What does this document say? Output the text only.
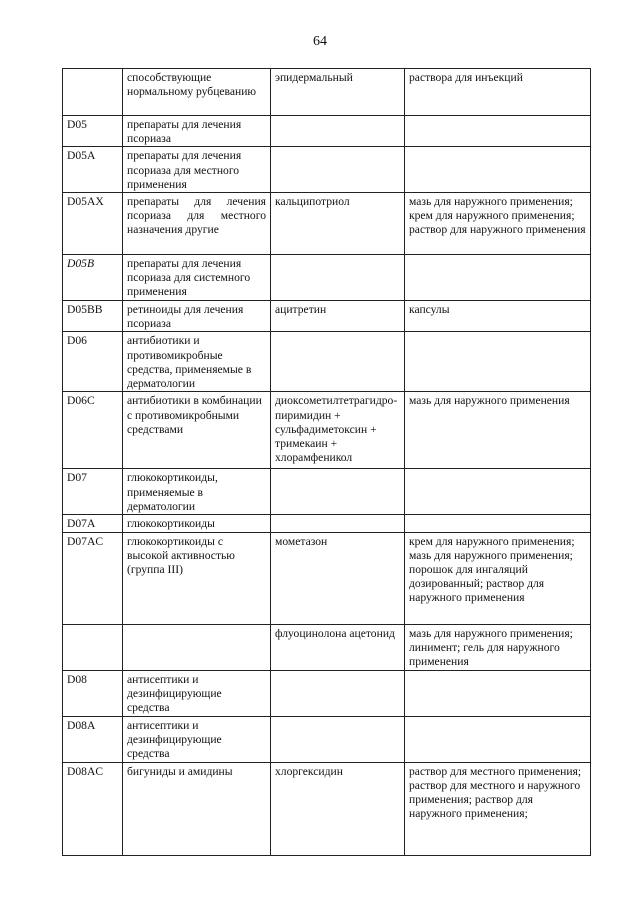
64
	способствующие нормальному рубцеванию	эпидермальный	раствора для инъекций
D05	препараты для лечения псориаза		
D05A	препараты для лечения псориаза для местного применения		
D05AX	препараты для лечения псориаза для местного назначения другие	кальципотриол	мазь для наружного применения; крем для наружного применения; раствор для наружного применения
D05B	препараты для лечения псориаза для системного применения		
D05BB	ретиноиды для лечения псориаза	ацитретин	капсулы
D06	антибиотики и противомикробные средства, применяемые в дерматологии		
D06C	антибиотики в комбинации с противомикробными средствами	диоксометилтетрагидро-пиримидин + сульфадиметоксин + тримекаин + хлорамфеникол	мазь для наружного применения
D07	глюкокортикоиды, применяемые в дерматологии		
D07A	глюкокортикоиды		
D07AC	глюкокортикоиды с высокой активностью (группа III)	мометазон	крем для наружного применения; мазь для наружного применения; порошок для ингаляций дозированный; раствор для наружного применения
		флуоцинолона ацетонид	мазь для наружного применения; линимент; гель для наружного применения
D08	антисептики и дезинфицирующие средства		
D08A	антисептики и дезинфицирующие средства		
D08AC	бигуниды и амидины	хлоргексидин	раствор для местного применения; раствор для местного и наружного применения; раствор для наружного применения;
